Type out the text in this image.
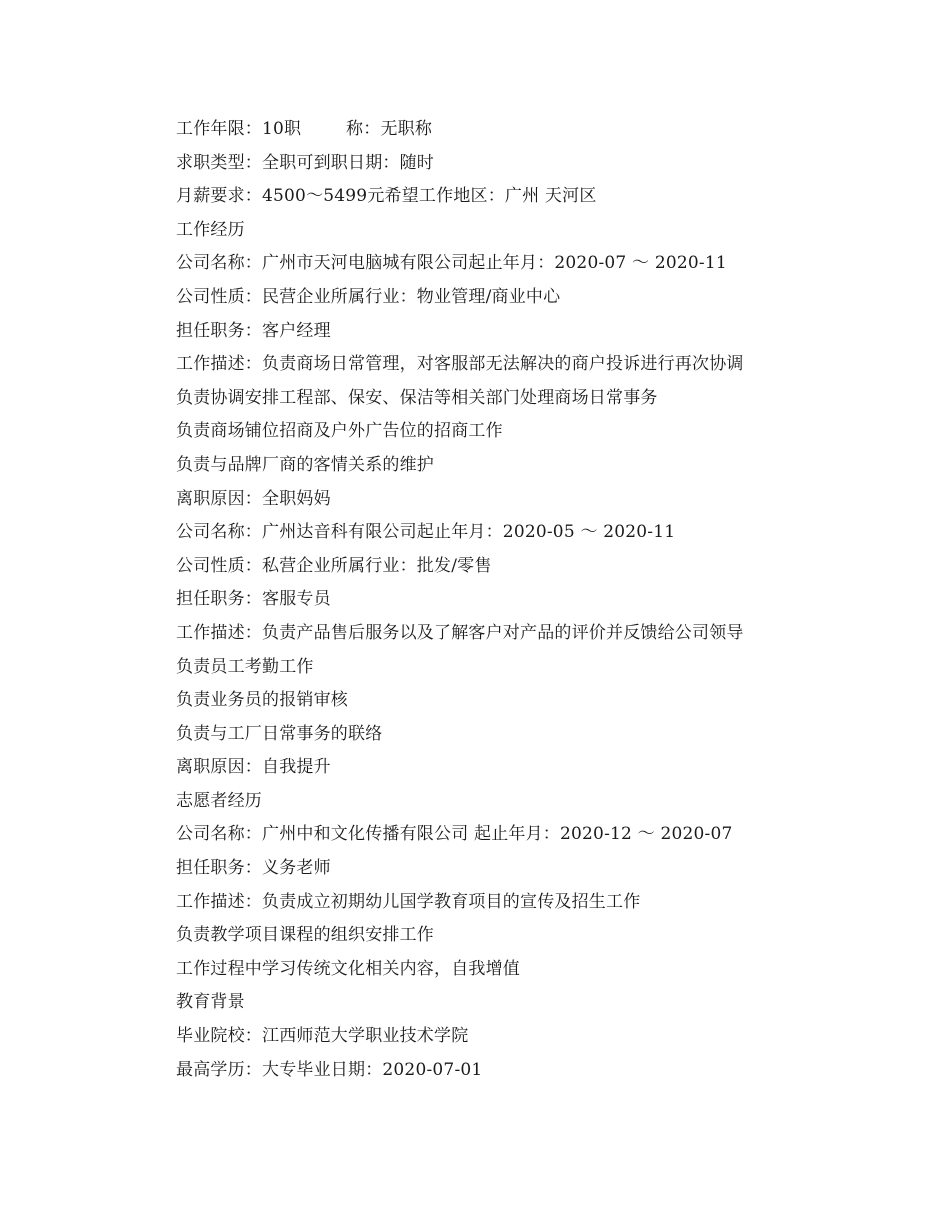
工作年限：10职        称：无职称
求职类型：全职可到职日期：随时
月薪要求：4500～5499元希望工作地区：广州 天河区
工作经历
公司名称：广州市天河电脑城有限公司起止年月：2020-07 ～ 2020-11
公司性质：民营企业所属行业：物业管理/商业中心
担任职务：客户经理
工作描述：负责商场日常管理，对客服部无法解决的商户投诉进行再次协调
负责协调安排工程部、保安、保洁等相关部门处理商场日常事务
负责商场铺位招商及户外广告位的招商工作
负责与品牌厂商的客情关系的维护
离职原因：全职妈妈
公司名称：广州达音科有限公司起止年月：2020-05 ～ 2020-11
公司性质：私营企业所属行业：批发/零售
担任职务：客服专员
工作描述：负责产品售后服务以及了解客户对产品的评价并反馈给公司领导
负责员工考勤工作
负责业务员的报销审核
负责与工厂日常事务的联络
离职原因：自我提升
志愿者经历
公司名称：广州中和文化传播有限公司 起止年月：2020-12 ～ 2020-07
担任职务：义务老师
工作描述：负责成立初期幼儿国学教育项目的宣传及招生工作
负责教学项目课程的组织安排工作
工作过程中学习传统文化相关内容，自我增值
教育背景
毕业院校：江西师范大学职业技术学院
最高学历：大专毕业日期：2020-07-01
